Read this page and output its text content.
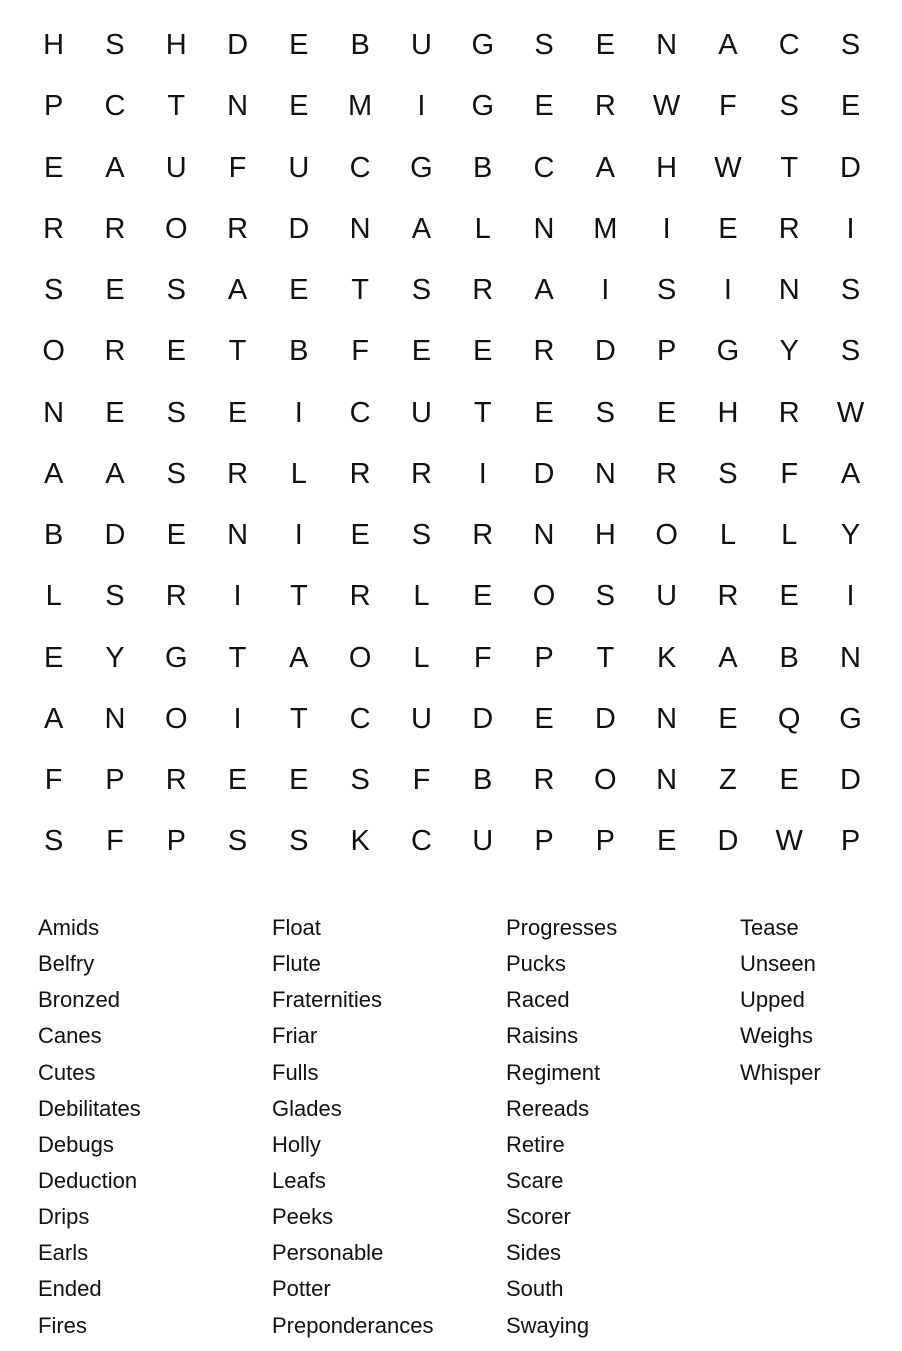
H	S	H	D	E	B	U	G	S	E	N	A	C	S
P	C	T	N	E	M	I	G	E	R	W	F	S	E
E	A	U	F	U	C	G	B	C	A	H	W	T	D
R	R	O	R	D	N	A	L	N	M	I	E	R	I
S	E	S	A	E	T	S	R	A	I	S	I	N	S
O	R	E	T	B	F	E	E	R	D	P	G	Y	S
N	E	S	E	I	C	U	T	E	S	E	H	R	W
A	A	S	R	L	R	R	I	D	N	R	S	F	A
B	D	E	N	I	E	S	R	N	H	O	L	L	Y
L	S	R	I	T	R	L	E	O	S	U	R	E	I
E	Y	G	T	A	O	L	F	P	T	K	A	B	N
A	N	O	I	T	C	U	D	E	D	N	E	Q	G
F	P	R	E	E	S	F	B	R	O	N	Z	E	D
S	F	P	S	S	K	C	U	P	P	E	D	W	P
Amids
Belfry
Bronzed
Canes
Cutes
Debilitates
Debugs
Deduction
Drips
Earls
Ended
Fires
Float
Flute
Fraternities
Friar
Fulls
Glades
Holly
Leafs
Peeks
Personable
Potter
Preponderances
Progresses
Pucks
Raced
Raisins
Regiment
Rereads
Retire
Scare
Scorer
Sides
South
Swaying
Tease
Unseen
Upped
Weighs
Whisper
